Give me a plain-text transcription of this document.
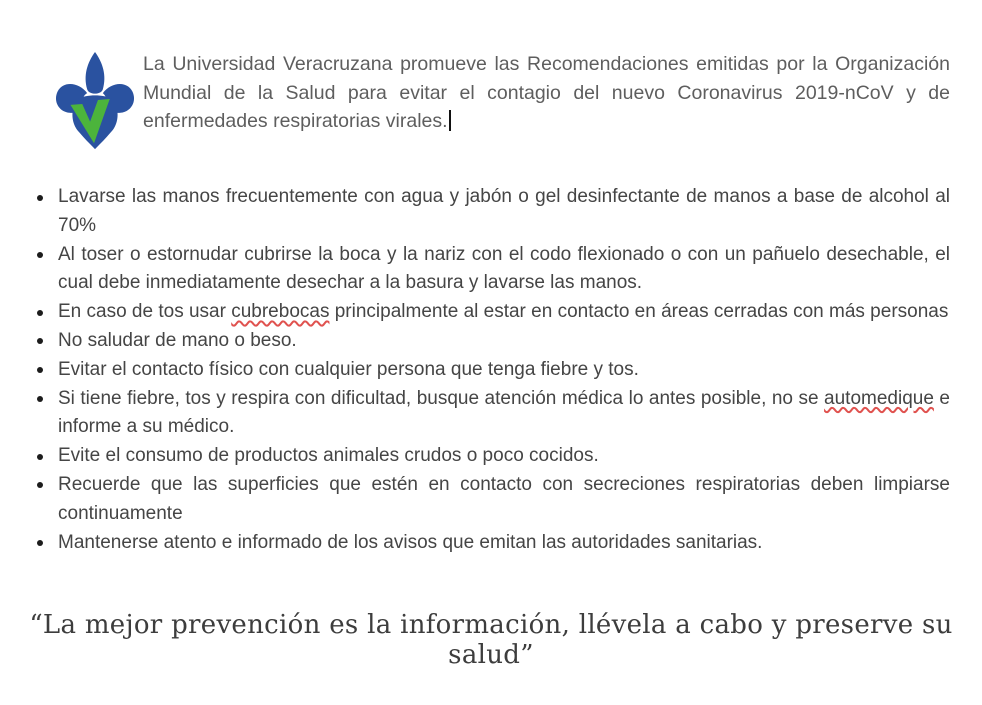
La Universidad Veracruzana promueve las Recomendaciones emitidas por la Organización Mundial de la Salud para evitar el contagio del nuevo Coronavirus 2019-nCoV y de enfermedades respiratorias virales.

Lavarse las manos frecuentemente con agua y jabón o gel desinfectante de manos a base de alcohol al 70%
Al toser o estornudar cubrirse la boca y la nariz con el codo flexionado o con un pañuelo desechable, el cual debe inmediatamente desechar a la basura y lavarse las manos.
En caso de tos usar cubrebocas principalmente al estar en contacto en áreas cerradas con más personas
No saludar de mano o beso.
Evitar el contacto físico con cualquier persona que tenga fiebre y tos.
Si tiene fiebre, tos y respira con dificultad, busque atención médica lo antes posible, no se automedique e informe a su médico.
Evite el consumo de productos animales crudos o poco cocidos.
Recuerde que las superficies que estén en contacto con secreciones respiratorias deben limpiarse continuamente
Mantenerse atento e informado de los avisos que emitan las autoridades sanitarias.
“La mejor prevención es la información, llévela a cabo y preserve su salud”
